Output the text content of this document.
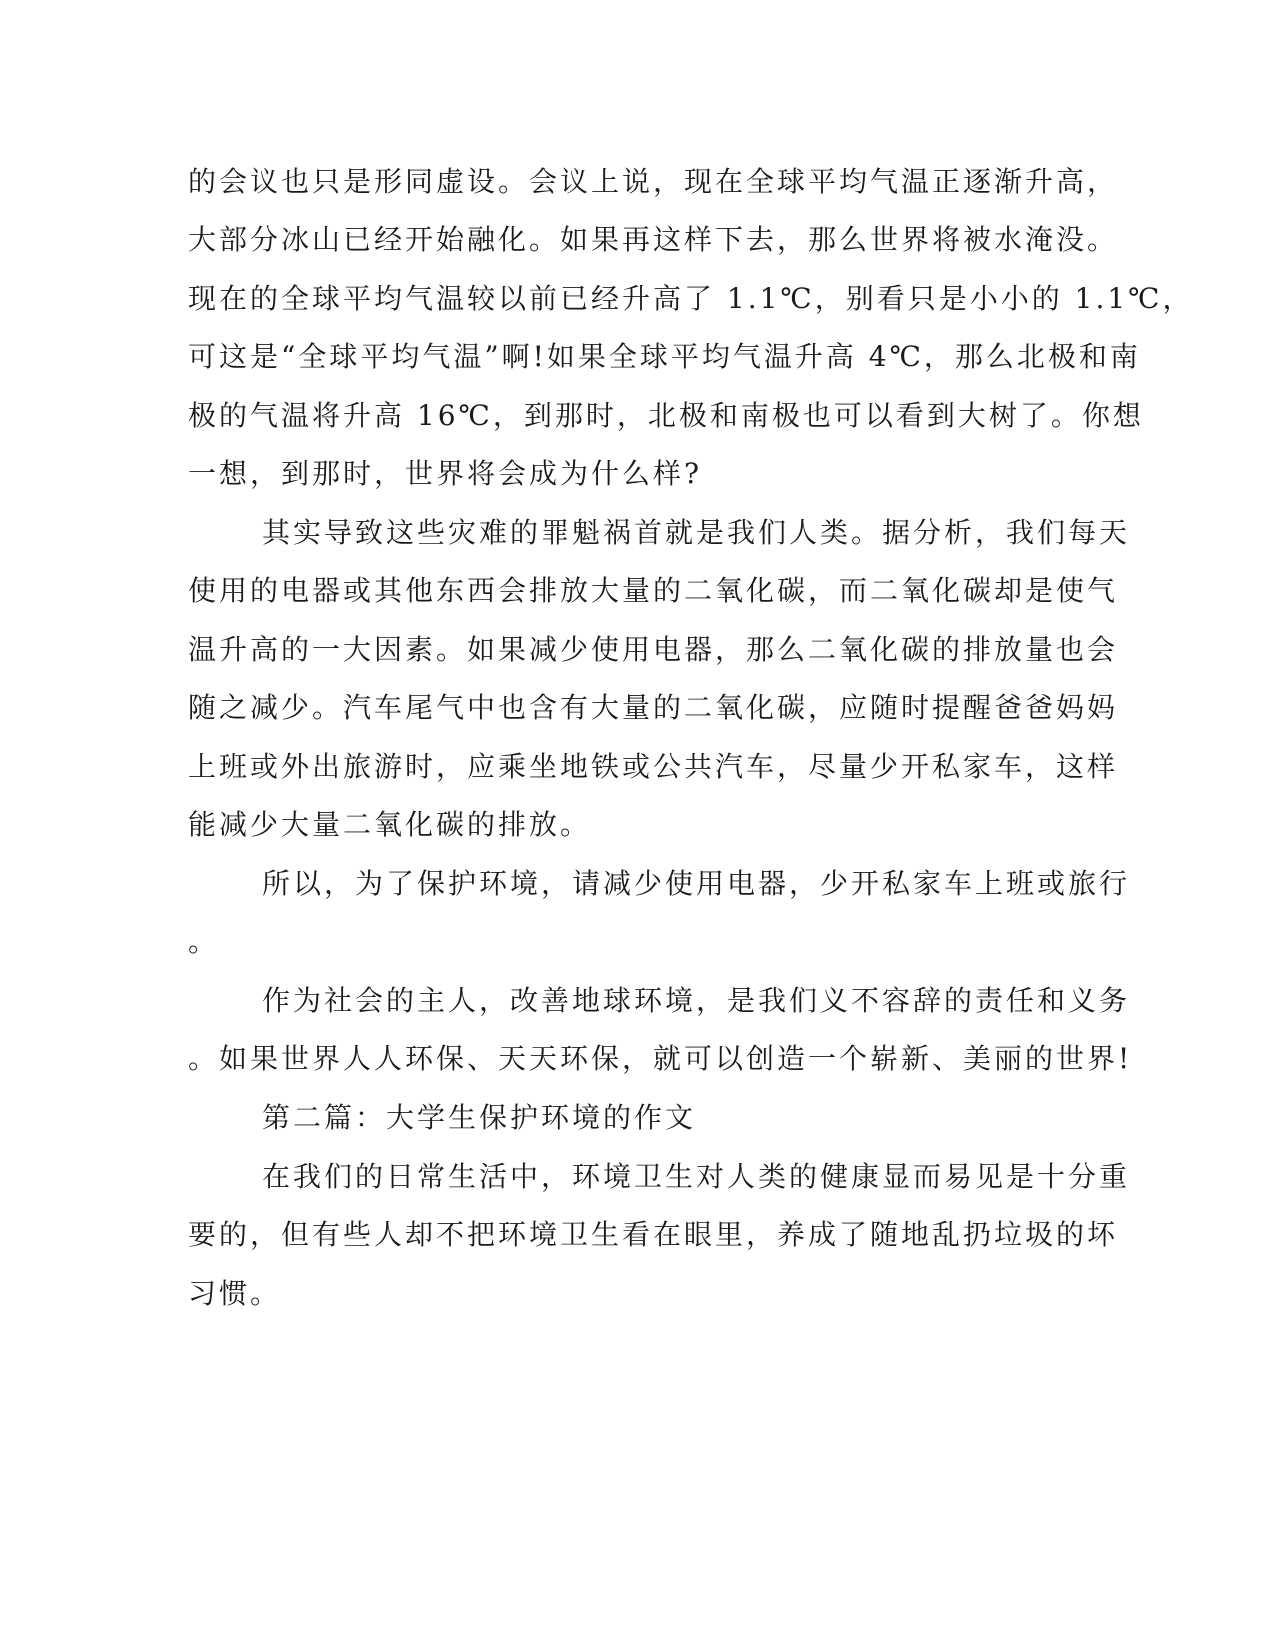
的会议也只是形同虚设。会议上说，现在全球平均气温正逐渐升高，
大部分冰山已经开始融化。如果再这样下去，那么世界将被水淹没。
现在的全球平均气温较以前已经升高了 1.1℃，别看只是小小的 1.1℃，
可这是“全球平均气温”啊!如果全球平均气温升高 4℃，那么北极和南
极的气温将升高 16℃，到那时，北极和南极也可以看到大树了。你想
一想，到那时，世界将会成为什么样?
其实导致这些灾难的罪魁祸首就是我们人类。据分析，我们每天
使用的电器或其他东西会排放大量的二氧化碳，而二氧化碳却是使气
温升高的一大因素。如果减少使用电器，那么二氧化碳的排放量也会
随之减少。汽车尾气中也含有大量的二氧化碳，应随时提醒爸爸妈妈
上班或外出旅游时，应乘坐地铁或公共汽车，尽量少开私家车，这样
能减少大量二氧化碳的排放。
所以，为了保护环境，请减少使用电器，少开私家车上班或旅行
。
作为社会的主人，改善地球环境，是我们义不容辞的责任和义务
。如果世界人人环保、天天环保，就可以创造一个崭新、美丽的世界!
第二篇：大学生保护环境的作文
在我们的日常生活中，环境卫生对人类的健康显而易见是十分重
要的，但有些人却不把环境卫生看在眼里，养成了随地乱扔垃圾的坏
习惯。
